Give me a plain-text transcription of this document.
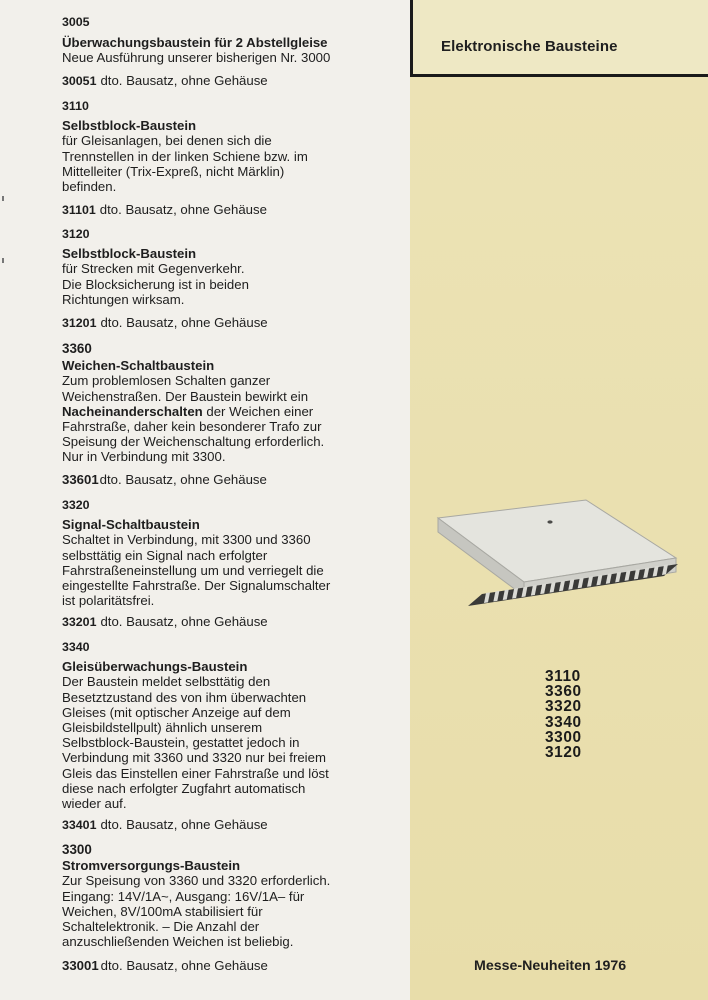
Elektronische Bausteine
3005
Überwachungsbaustein für 2 Abstellgleise
Neue Ausführung unserer bisherigen Nr. 3000
30051 dto. Bausatz, ohne Gehäuse
3110
Selbstblock-Baustein
für Gleisanlagen, bei denen sich die
Trennstellen in der linken Schiene bzw. im
Mittelleiter (Trix-Expreß, nicht Märklin)
befinden.
31101 dto. Bausatz, ohne Gehäuse
3120
Selbstblock-Baustein
für Strecken mit Gegenverkehr.
Die Blocksicherung ist in beiden
Richtungen wirksam.
31201 dto. Bausatz, ohne Gehäuse
3360
Weichen-Schaltbaustein
Zum problemlosen Schalten ganzer
Weichenstraßen. Der Baustein bewirkt ein
Nacheinanderschalten der Weichen einer
Fahrstraße, daher kein besonderer Trafo zur
Speisung der Weichenschaltung erforderlich.
Nur in Verbindung mit 3300.
33601dto. Bausatz, ohne Gehäuse
3320
Signal-Schaltbaustein
Schaltet in Verbindung, mit 3300 und 3360
selbsttätig ein Signal nach erfolgter
Fahrstraßeneinstellung um und verriegelt die
eingestellte Fahrstraße. Der Signalumschalter
ist polaritätsfrei.
33201 dto. Bausatz, ohne Gehäuse
3340
Gleisüberwachungs-Baustein
Der Baustein meldet selbsttätig den
Besetztzustand des von ihm überwachten
Gleises (mit optischer Anzeige auf dem
Gleisbildstellpult) ähnlich unserem
Selbstblock-Baustein, gestattet jedoch in
Verbindung mit 3360 und 3320 nur bei freiem
Gleis das Einstellen einer Fahrstraße und löst
diese nach erfolgter Zugfahrt automatisch
wieder auf.
33401 dto. Bausatz, ohne Gehäuse
3300
Stromversorgungs-Baustein
Zur Speisung von 3360 und 3320 erforderlich.
Eingang: 14V/1A~, Ausgang: 16V/1A– für
Weichen, 8V/100mA stabilisiert für
Schaltelektronik. – Die Anzahl der
anzuschließenden Weichen ist beliebig.
33001 dto. Bausatz, ohne Gehäuse
3110
3360
3320
3340
3300
3120
Messe-Neuheiten 1976
